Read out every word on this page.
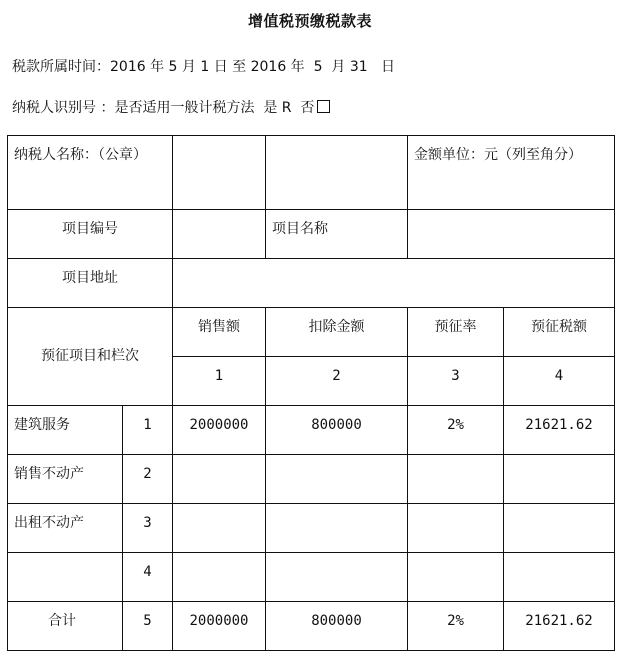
增值税预缴税款表
税款所属时间：2016 年 5 月 1 日 至 2016 年  5  月 31   日
纳税人识别号 ：是否适用一般计税方法  是 R  否
纳税人名称：（公章）				金额单位：元（列至角分）	
项目编号			项目名称		
项目地址					
预征项目和栏次		销售额	扣除金额	预征率	预征税额
		1	2	3	4
建筑服务	1	2000000	800000	2%	21621.62
销售不动产	2				
出租不动产	3				
	4				
合计	5	2000000	800000	2%	21621.62
